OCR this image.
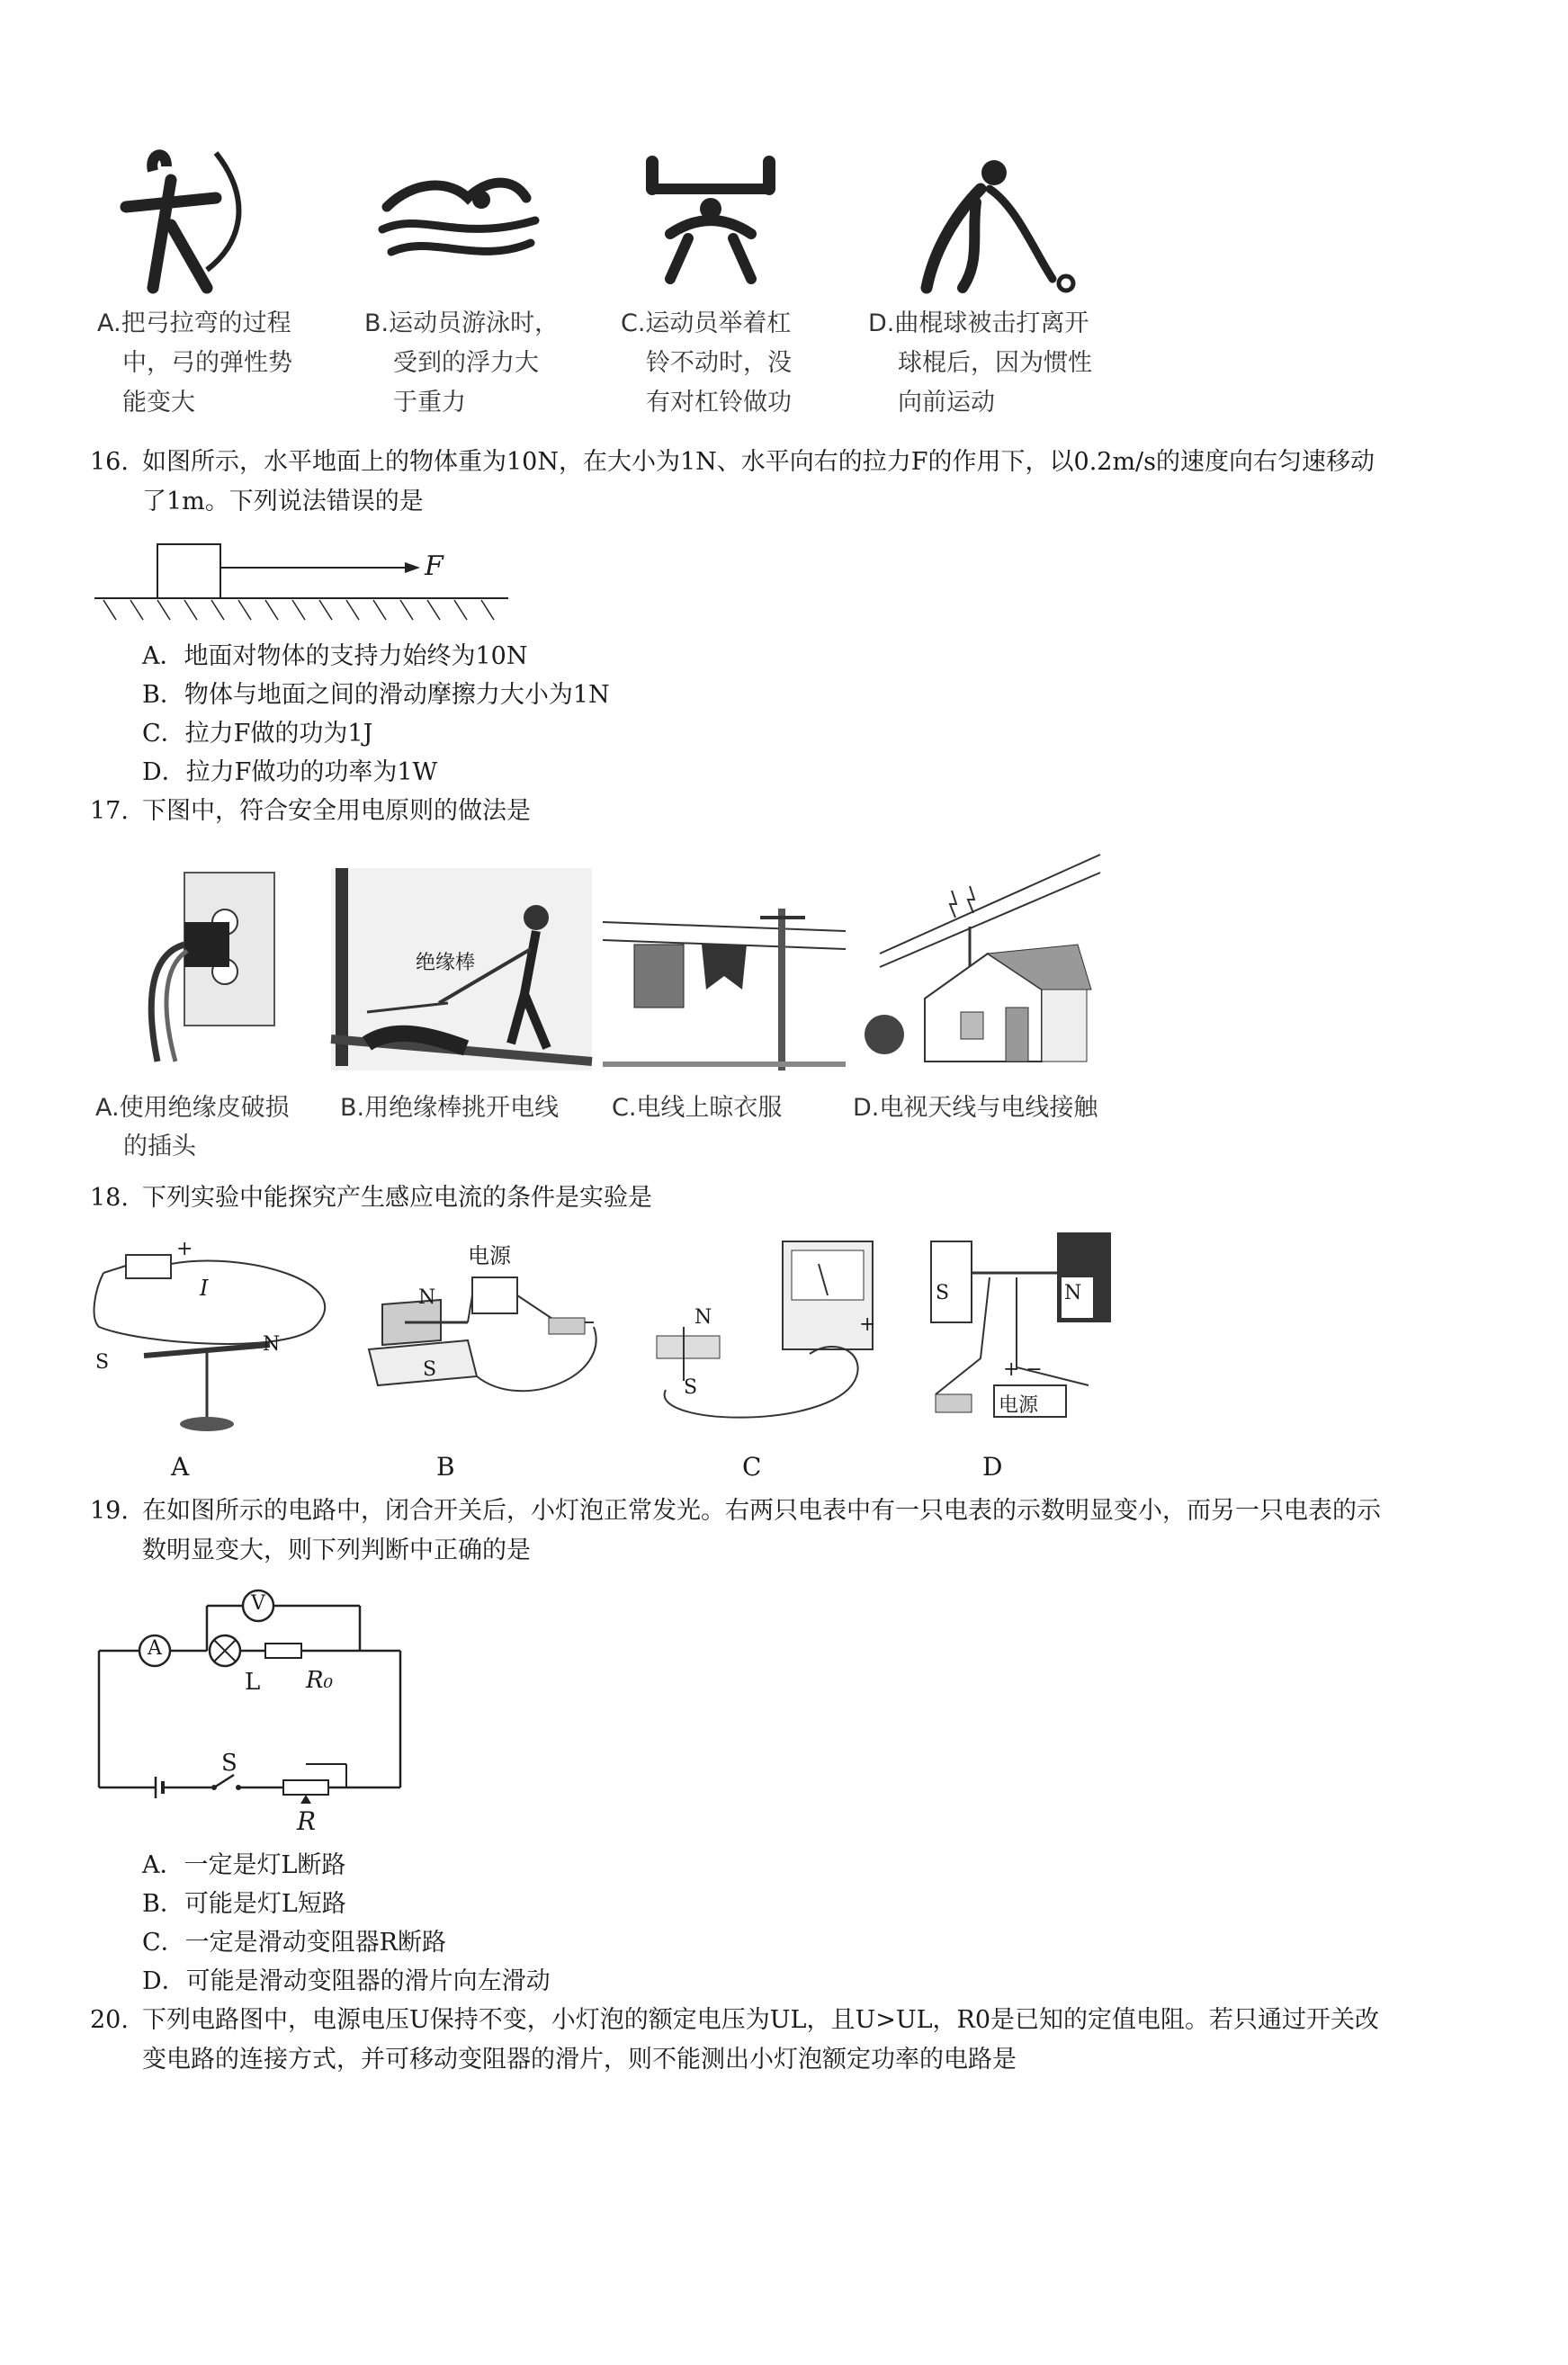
A.把弓拉弯的过程
中，弓的弹性势
能变大
B.运动员游泳时，
受到的浮力大
于重力
C.运动员举着杠
铃不动时，没
有对杠铃做功
D.曲棍球被击打离开
球棍后，因为惯性
向前运动
16. 如图所示，水平地面上的物体重为10N，在大小为1N、水平向右的拉力F的作用下，以0.2m/s的速度向右匀速移动
了1m。下列说法错误的是
F
A．地面对物体的支持力始终为10N
B．物体与地面之间的滑动摩擦力大小为1N
C．拉力F做的功为1J
D．拉力F做功的功率为1W
17. 下图中，符合安全用电原则的做法是
绝缘棒
A.使用绝缘皮破损
的插头
B.用绝缘棒挑开电线 C.电线上晾衣服	D.电视天线与电线接触
18. 下列实验中能探究产生感应电流的条件是实验是
+
I
S
N
电源
N
S
N
S
+
S	N
+ −
电源
A	B	C	D
19. 在如图所示的电路中，闭合开关后，小灯泡正常发光。右两只电表中有一只电表的示数明显变小，而另一只电表的示
数明显变大，则下列判断中正确的是
A
V
L R₀
S
R
A．一定是灯L断路
B．可能是灯L短路
C．一定是滑动变阻器R断路
D．可能是滑动变阻器的滑片向左滑动
20. 下列电路图中，电源电压U保持不变，小灯泡的额定电压为UL，且U>UL，R0是已知的定值电阻。若只通过开关改
变电路的连接方式，并可移动变阻器的滑片，则不能测出小灯泡额定功率的电路是
